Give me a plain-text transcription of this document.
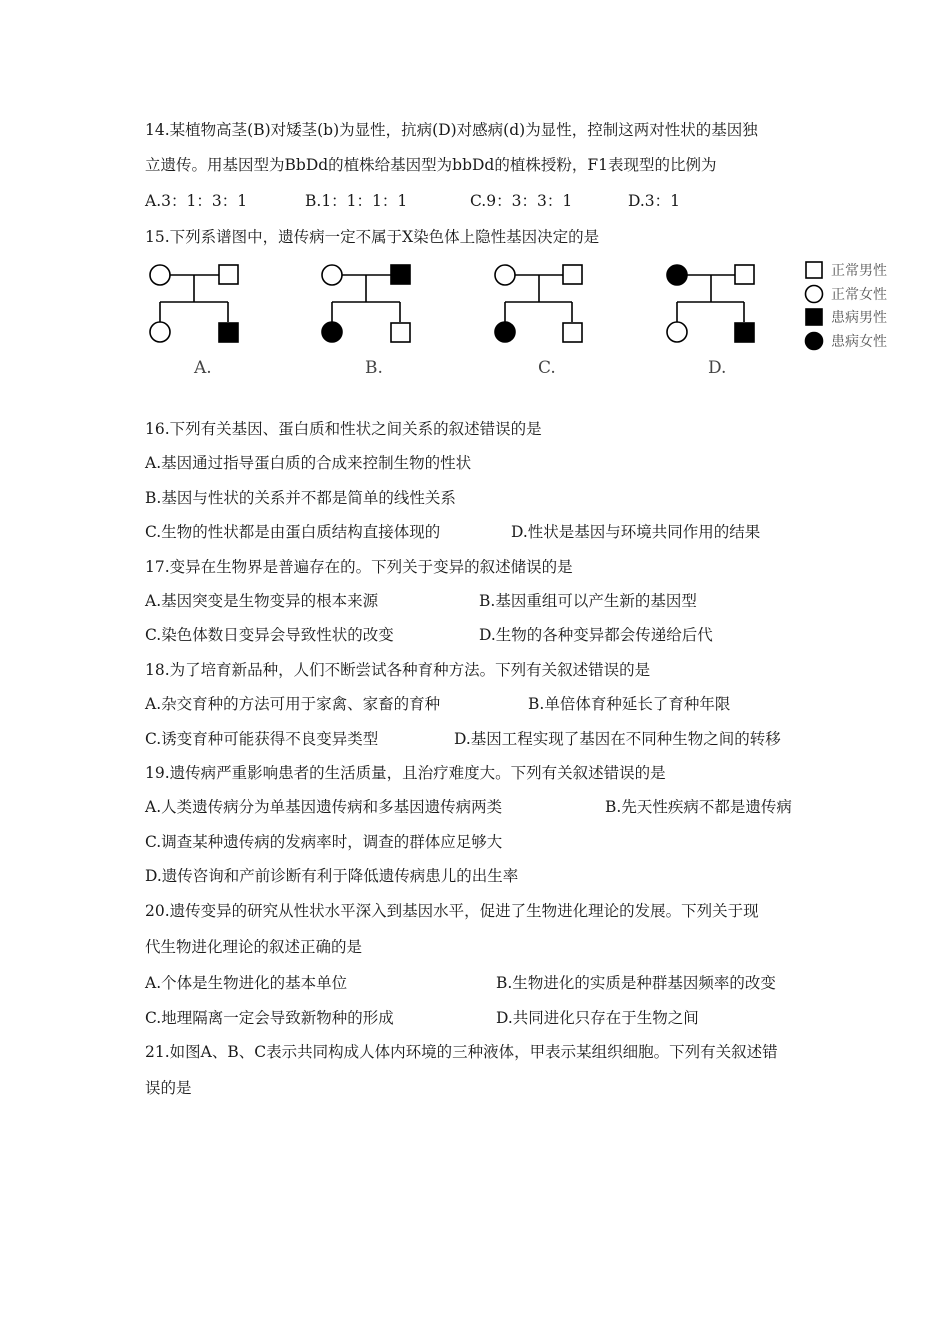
14.某植物高茎(B)对矮茎(b)为显性，抗病(D)对感病(d)为显性，控制这两对性状的基因独
立遗传。用基因型为BbDd的植株给基因型为bbDd的植株授粉，F1表现型的比例为
A.3：1：3：1	B.1：1：1：1	C.9：3：3：1	D.3：1
15.下列系谱图中，遗传病一定不属于X染色体上隐性基因决定的是
A.	B.	C.	D.
正常男性
正常女性
患病男性
患病女性
16.下列有关基因、蛋白质和性状之间关系的叙述错误的是
A.基因通过指导蛋白质的合成来控制生物的性状
B.基因与性状的关系并不都是简单的线性关系
C.生物的性状都是由蛋白质结构直接体现的	D.性状是基因与环境共同作用的结果
17.变异在生物界是普遍存在的。下列关于变异的叙述储误的是
A.基因突变是生物变异的根本来源	B.基因重组可以产生新的基因型
C.染色体数日变异会导致性状的改变	D.生物的各种变异都会传递给后代
18.为了培育新品种，人们不断尝试各种育种方法。下列有关叙述错误的是
A.杂交育种的方法可用于家禽、家畜的育种	B.单倍体育种延长了育种年限
C.诱变育种可能获得不良变异类型	D.基因工程实现了基因在不同种生物之间的转移
19.遗传病严重影响患者的生活质量，且治疗难度大。下列有关叙述错误的是
A.人类遗传病分为单基因遗传病和多基因遗传病两类	B.先天性疾病不都是遗传病
C.调查某种遗传病的发病率时，调查的群体应足够大
D.遗传咨询和产前诊断有利于降低遗传病患儿的出生率
20.遗传变异的研究从性状水平深入到基因水平，促进了生物进化理论的发展。下列关于现
代生物进化理论的叙述正确的是
A.个体是生物进化的基本单位	B.生物进化的实质是种群基因频率的改变
C.地理隔离一定会导致新物种的形成	D.共同进化只存在于生物之间
21.如图A、B、C表示共同构成人体内环境的三种液体，甲表示某组织细胞。下列有关叙述错
误的是
